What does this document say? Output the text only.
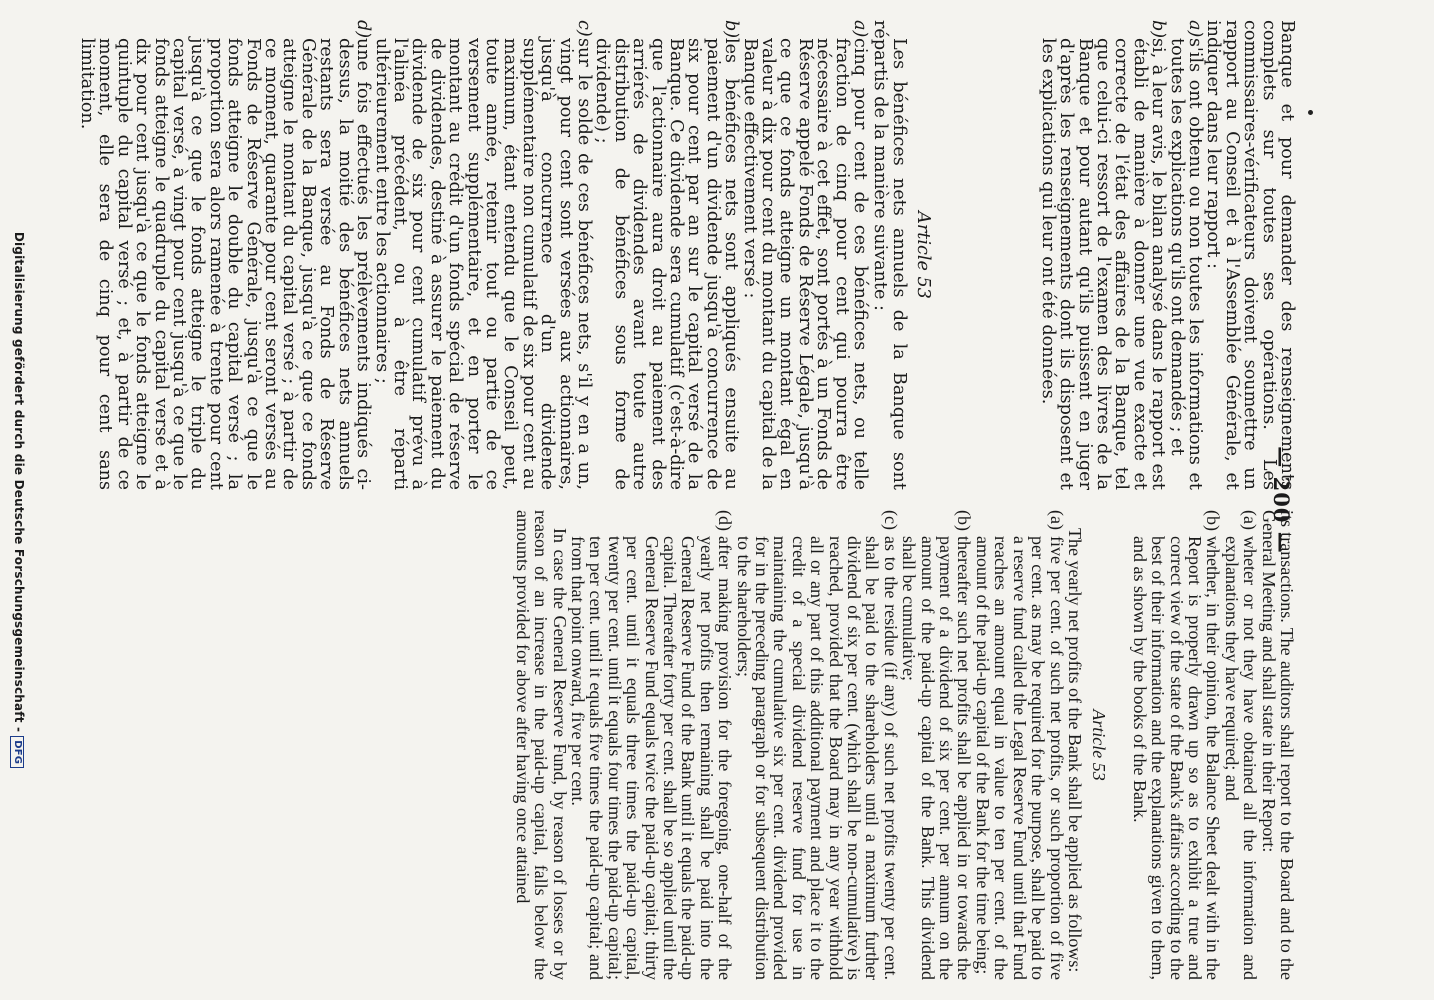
— 200 —

Banque et pour demander des renseignements complets sur toutes ses opérations. Les commissaires-vérificateurs doivent soumettre un rapport au Conseil et à l'Assemblée Générale, et indiquer dans leur rapport :

a)s'ils ont obtenu ou non toutes les informations et toutes les explications qu'ils ont demandés ; et
b)si, à leur avis, le bilan analysé dans le rapport est établi de manière à donner une vue exacte et correcte de l'état des affaires de la Banque, tel que celui-ci ressort de l'examen des livres de la Banque et pour autant qu'ils puissent en juger d'après les renseignements dont ils disposent et les explications qui leur ont été données.
Article 53

Les bénéfices nets annuels de la Banque sont répartis de la manière suivante :

a)cinq pour cent de ces bénéfices nets, ou telle fraction de cinq pour cent qui pourra être nécessaire à cet effet, sont portés à un Fonds de Réserve appelé Fonds de Réserve Légale, jusqu'à ce que ce fonds atteigne un montant égal en valeur à dix pour cent du montant du capital de la Banque effectivement versé :
b)les bénéfices nets sont appliqués ensuite au paiement d'un dividende jusqu'à concurrence de six pour cent par an sur le capital versé de la Banque. Ce dividende sera cumulatif (c'est-à-dire que l'actionnaire aura droit au paiement des arriérés de dividendes avant toute autre distribution de bénéfices sous forme de dividende) ;
c)sur le solde de ces bénéfices nets, s'il y en a un, vingt pour cent sont versées aux actionnaires, jusqu'à concurrence d'un dividende supplémentaire non cumulatif de six pour cent au maximum, étant entendu que le Conseil peut, toute année, retenir tout ou partie de ce versement supplémentaire, et en porter le montant au crédit d'un fonds spécial de réserve de dividendes, destiné à assurer le paiement du dividende de six pour cent cumulatif prévu à l'alinéa précédent, ou à être réparti ultérieurement entre les actionnaires ;
d)une fois effectués les prélèvements indiqués ci-dessus, la moitié des bénéfices nets annuels restants sera versée au Fonds de Réserve Générale de la Banque, jusqu'à ce que ce fonds atteigne le montant du capital versé ; à partir de ce moment, quarante pour cent seront versés au Fonds de Réserve Générale, jusqu'à ce que le fonds atteigne le double du capital versé ; la proportion sera alors ramenée à trente pour cent jusqu'à ce que le fonds atteigne le triple du capital versé, à vingt pour cent jusqu'à ce que le fonds atteigne le quadruple du capital versé et à dix pour cent jusqu'à ce que le fonds atteigne le quintuple du capital versé ; et, à partir de ce moment, elle sera de cinq pour cent sans limitation.

its transactions. The auditors shall report to the Board and to the General Meeting and shall state in their Report:

(a)wheter or not they have obtained all the information and explanations they have required; and
(b)whether, in their opinion, the Balance Sheet dealt with in the Report is properly drawn up so as to exhibit a true and correct view of the state of the Bank's affairs according to the best of their information and the explanations given to them, and as shown by the books of the Bank.
Article 53

The yearly net profits of the Bank shall be applied as follows:

(a)five per cent. of such net profits, or such proportion of five per cent. as may be required for the purpose, shall be paid to a reserve fund called the Legal Reserve Fund until that Fund reaches an amount equal in value to ten per cent. of the amount of the paid-up capital of the Bank for the time being;
(b)thereafter such net profits shall be applied in or towards the payment of a dividend of six per cent. per annum on the amount of the paid-up capital of the Bank. This dividend shall be cumulative;
(c)as to the residue (if any) of such net profits twenty per cent. shall be paid to the shareholders until a maximum further dividend of six per cent. (which shall be non-cumulative) is reached, provided that the Board may in any year withhold all or any part of this additional payment and place it to the credit of a special dividend reserve fund for use in maintaining the cumulative six per cent. dividend provided for in the preceding paragraph or for subsequent distribution to the shareholders;
(d)after making provision for the foregoing, one-half of the yearly net profits then remaining shall be paid into the General Reserve Fund of the Bank until it equals the paid-up capital. Thereafter forty per cent. shall be so applied until the General Reserve Fund equals twice the paid-up capital; thirty per cent. until it equals three times the paid-up capital, twenty per cent. until it equals four times the paid-up capital; ten per cent. until it equals five times the paid-up capital; and from that point onward, five per cent.

In case the General Reserve Fund, by reason of losses or by reason of an increase in the paid-up capital, falls below the amounts provided for above after having once attained

Digitalisierung gefördert durch die Deutsche Forschungsgemeinschaft -DFG
